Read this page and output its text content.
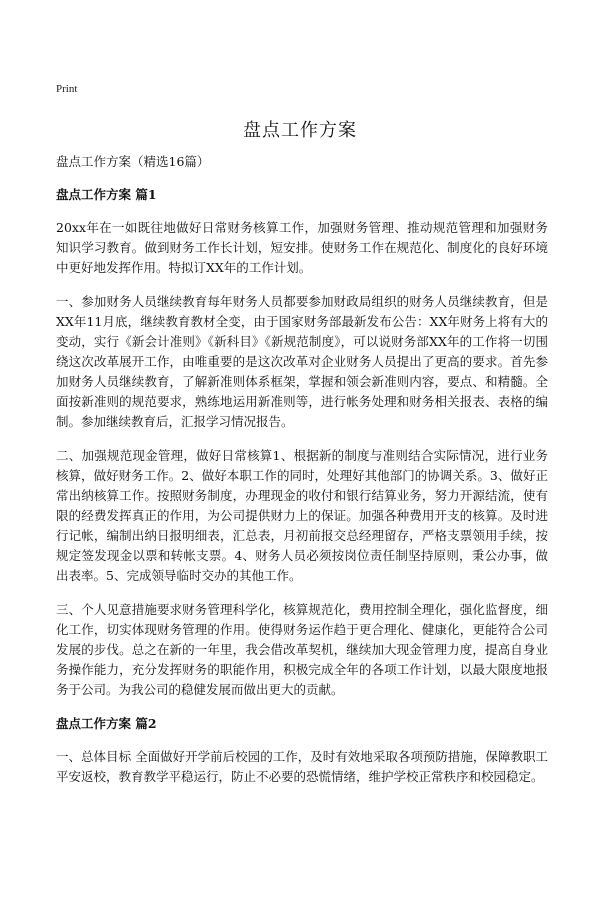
Print
盘点工作方案

盘点工作方案（精选16篇）

盘点工作方案 篇1

20xx年在一如既往地做好日常财务核算工作，加强财务管理、推动规范管理和加强财务知识学习教育。做到财务工作长计划，短安排。使财务工作在规范化、制度化的良好环境中更好地发挥作用。特拟订XX年的工作计划。

一、参加财务人员继续教育每年财务人员都要参加财政局组织的财务人员继续教育，但是XX年11月底，继续教育教材全变，由于国家财务部最新发布公告：XX年财务上将有大的变动，实行《新会计准则》《新科目》《新规范制度》，可以说财务部XX年的工作将一切围绕这次改革展开工作，由唯重要的是这次改革对企业财务人员提出了更高的要求。首先参加财务人员继续教育，了解新准则体系框架，掌握和领会新准则内容，要点、和精髓。全面按新准则的规范要求，熟练地运用新准则等，进行帐务处理和财务相关报表、表格的编制。参加继续教育后，汇报学习情况报告。

二、加强规范现金管理，做好日常核算1、根据新的制度与准则结合实际情况，进行业务核算，做好财务工作。2、做好本职工作的同时，处理好其他部门的协调关系。3、做好正常出纳核算工作。按照财务制度，办理现金的收付和银行结算业务，努力开源结流，使有限的经费发挥真正的作用，为公司提供财力上的保证。加强各种费用开支的核算。及时进行记帐，编制出纳日报明细表，汇总表，月初前报交总经理留存，严格支票领用手续，按规定签发现金以票和转帐支票。4、财务人员必须按岗位责任制坚持原则，秉公办事，做出表率。5、完成领导临时交办的其他工作。

三、个人见意措施要求财务管理科学化，核算规范化，费用控制全理化，强化监督度，细化工作，切实体现财务管理的作用。使得财务运作趋于更合理化、健康化，更能符合公司发展的步伐。总之在新的一年里，我会借改革契机，继续加大现金管理力度，提高自身业务操作能力，充分发挥财务的职能作用，积极完成全年的各项工作计划，以最大限度地报务于公司。为我公司的稳健发展而做出更大的贡献。

盘点工作方案 篇2

一、总体目标 全面做好开学前后校园的工作，及时有效地采取各项预防措施，保障教职工平安返校，教育教学平稳运行，防止不必要的恐慌情绪，维护学校正常秩序和校园稳定。
